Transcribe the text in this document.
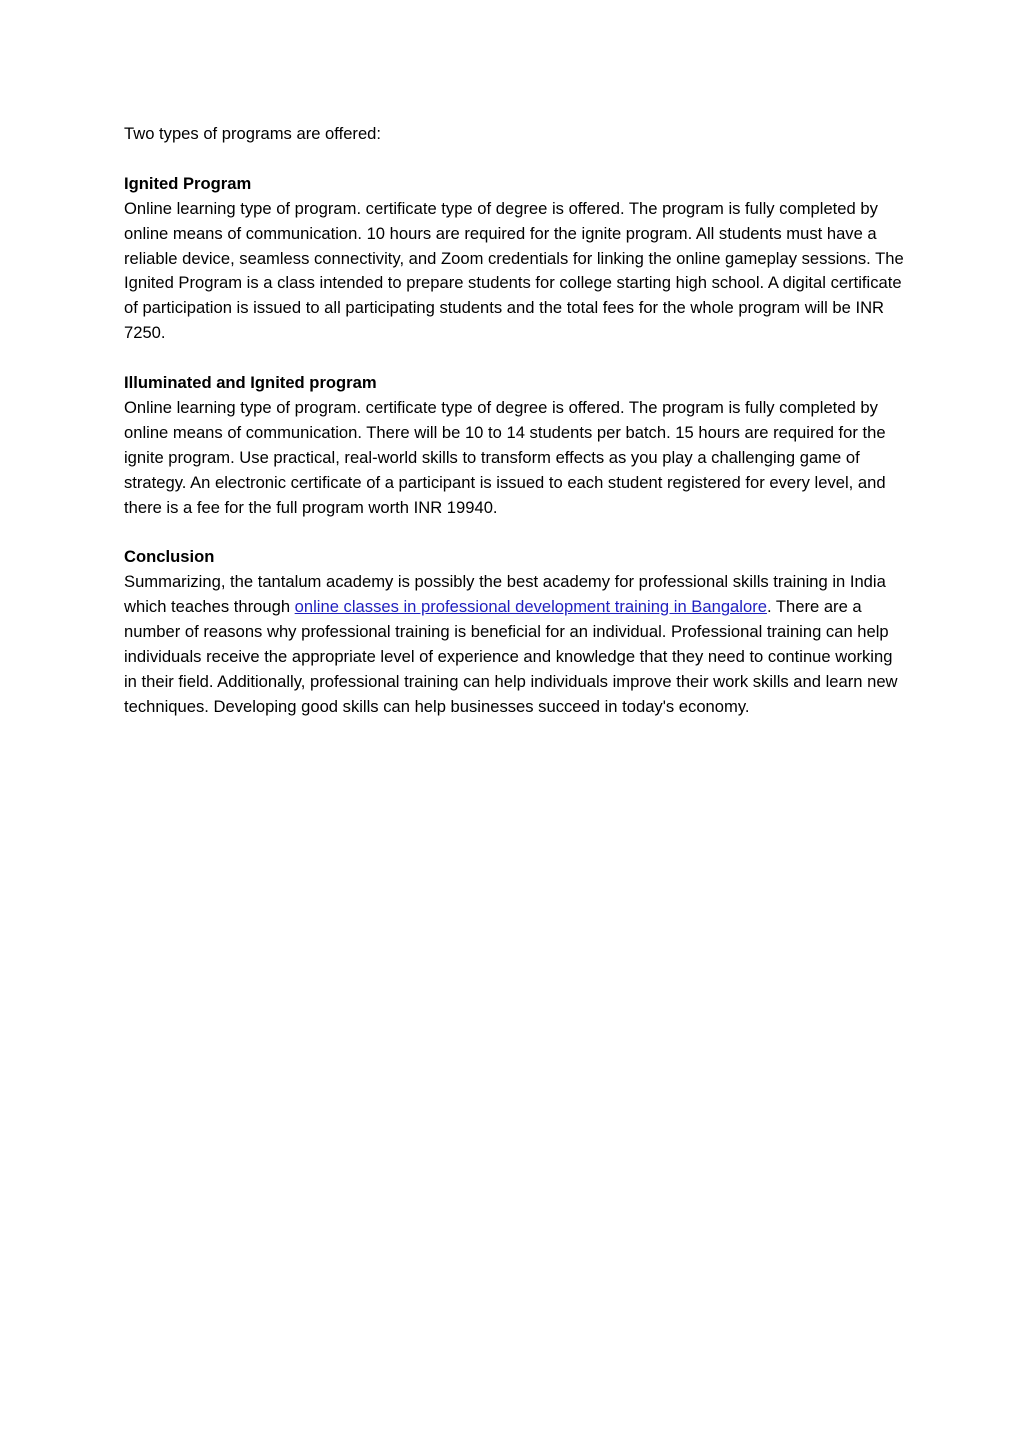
Two types of programs are offered:

Ignited Program

Online learning type of program. certificate type of degree is offered. The program is fully completed by online means of communication. 10 hours are required for the ignite program. All students must have a reliable device, seamless connectivity, and Zoom credentials for linking the online gameplay sessions. The Ignited Program is a class intended to prepare students for college starting high school. A digital certificate of participation is issued to all participating students and the total fees for the whole program will be INR 7250.

Illuminated and Ignited program

Online learning type of program. certificate type of degree is offered. The program is fully completed by online means of communication. There will be 10 to 14 students per batch. 15 hours are required for the ignite program. Use practical, real-world skills to transform effects as you play a challenging game of strategy. An electronic certificate of a participant is issued to each student registered for every level, and there is a fee for the full program worth INR 19940.

Conclusion

Summarizing, the tantalum academy is possibly the best academy for professional skills training in India which teaches through online classes in professional development training in Bangalore. There are a number of reasons why professional training is beneficial for an individual. Professional training can help individuals receive the appropriate level of experience and knowledge that they need to continue working in their field. Additionally, professional training can help individuals improve their work skills and learn new techniques. Developing good skills can help businesses succeed in today's economy.
